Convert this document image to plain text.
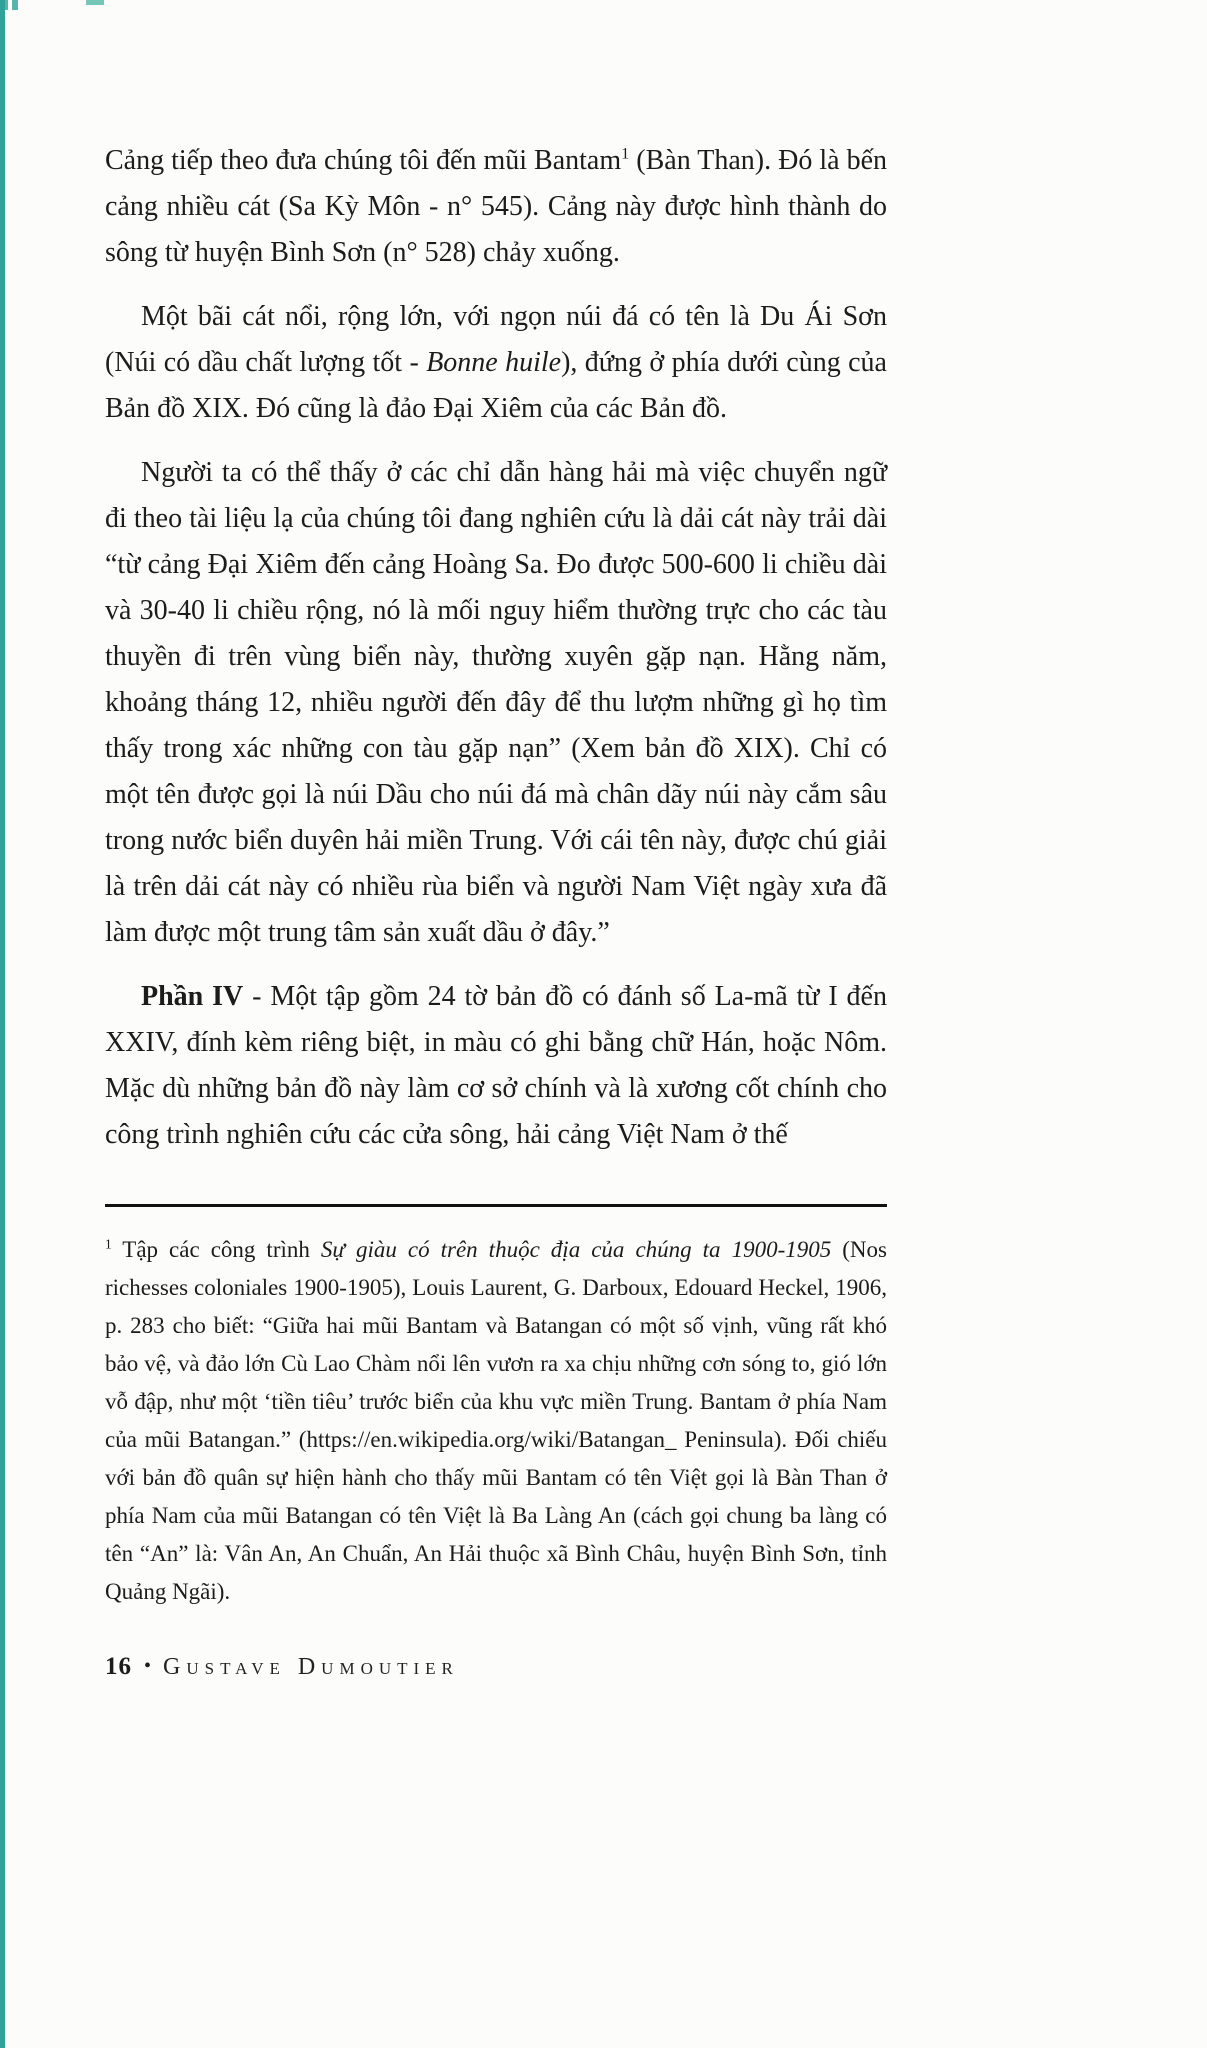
Cảng tiếp theo đưa chúng tôi đến mũi Bantam$^1$ (Bàn Than). Đó là bến cảng nhiều cát (Sa Kỳ Môn - n° 545). Cảng này được hình thành do sông từ huyện Bình Sơn (n° 528) chảy xuống.

Một bãi cát nổi, rộng lớn, với ngọn núi đá có tên là Du Ái Sơn (Núi có dầu chất lượng tốt - Bonne huile), đứng ở phía dưới cùng của Bản đồ XIX. Đó cũng là đảo Đại Xiêm của các Bản đồ.

Người ta có thể thấy ở các chỉ dẫn hàng hải mà việc chuyển ngữ đi theo tài liệu lạ của chúng tôi đang nghiên cứu là dải cát này trải dài “từ cảng Đại Xiêm đến cảng Hoàng Sa. Đo được 500-600 li chiều dài và 30-40 li chiều rộng, nó là mối nguy hiểm thường trực cho các tàu thuyền đi trên vùng biển này, thường xuyên gặp nạn. Hằng năm, khoảng tháng 12, nhiều người đến đây để thu lượm những gì họ tìm thấy trong xác những con tàu gặp nạn” (Xem bản đồ XIX). Chỉ có một tên được gọi là núi Dầu cho núi đá mà chân dãy núi này cắm sâu trong nước biển duyên hải miền Trung. Với cái tên này, được chú giải là trên dải cát này có nhiều rùa biển và người Nam Việt ngày xưa đã làm được một trung tâm sản xuất dầu ở đây.”

Phần IV - Một tập gồm 24 tờ bản đồ có đánh số La-mã từ I đến XXIV, đính kèm riêng biệt, in màu có ghi bằng chữ Hán, hoặc Nôm. Mặc dù những bản đồ này làm cơ sở chính và là xương cốt chính cho công trình nghiên cứu các cửa sông, hải cảng Việt Nam ở thế

$^1$ Tập các công trình Sự giàu có trên thuộc địa của chúng ta 1900-1905 (Nos richesses coloniales 1900-1905), Louis Laurent, G. Darboux, Edouard Heckel, 1906, p. 283 cho biết: “Giữa hai mũi Bantam và Batangan có một số vịnh, vũng rất khó bảo vệ, và đảo lớn Cù Lao Chàm nổi lên vươn ra xa chịu những cơn sóng to, gió lớn vỗ đập, như một ‘tiền tiêu’ trước biển của khu vực miền Trung. Bantam ở phía Nam của mũi Batangan.” (https://en.wikipedia.org/wiki/Batangan_ Peninsula). Đối chiếu với bản đồ quân sự hiện hành cho thấy mũi Bantam có tên Việt gọi là Bàn Than ở phía Nam của mũi Batangan có tên Việt là Ba Làng An (cách gọi chung ba làng có tên “An” là: Vân An, An Chuẩn, An Hải thuộc xã Bình Châu, huyện Bình Sơn, tỉnh Quảng Ngãi).

16 • Gustave Dumoutier
